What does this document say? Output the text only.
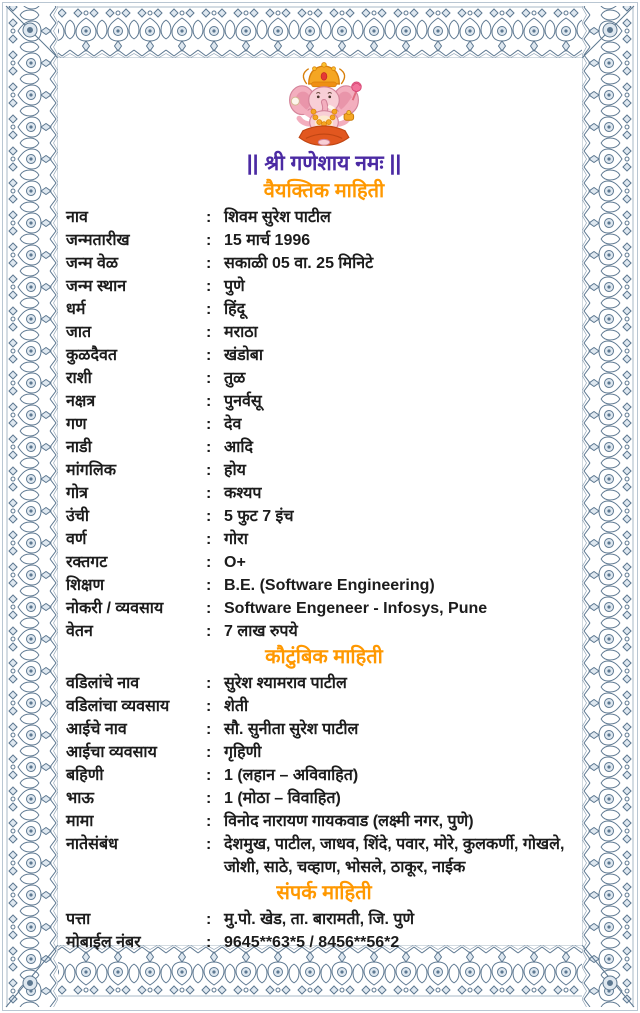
|| श्री गणेशाय नमः ||
वैयक्तिक माहिती
नाव	: शिवम सुरेश पाटील
जन्मतारीख	: 15 मार्च 1996
जन्म वेळ	: सकाळी 05 वा. 25 मिनिटे
जन्म स्थान	: पुणे
धर्म	: हिंदू
जात	: मराठा
कुळदैवत	: खंडोबा
राशी	: तुळ
नक्षत्र	: पुनर्वसू
गण	: देव
नाडी	: आदि
मांगलिक	: होय
गोत्र	: कश्यप
उंची	: 5 फुट 7 इंच
वर्ण	: गोरा
रक्तगट	: O+
शिक्षण	: B.E. (Software Engineering)
नोकरी / व्यवसाय	: Software Engeneer - Infosys, Pune
वेतन	: 7 लाख रुपये
कौटुंबिक माहिती
वडिलांचे नाव	: सुरेश श्यामराव पाटील
वडिलांचा व्यवसाय	: शेती
आईचे नाव	: सौ. सुनीता सुरेश पाटील
आईचा व्यवसाय	: गृहिणी
बहिणी	: 1 (लहान – अविवाहित)
भाऊ	: 1 (मोठा – विवाहित)
मामा	: विनोद नारायण गायकवाड (लक्ष्मी नगर, पुणे)
नातेसंबंध	: देशमुख, पाटील, जाधव, शिंदे, पवार, मोरे, कुलकर्णी, गोखले, जोशी, साठे, चव्हाण, भोसले, ठाकूर, नाईक
संपर्क माहिती
पत्ता	: मु.पो. खेड, ता. बारामती, जि. पुणे
मोबाईल नंबर	: 9645**63*5 / 8456**56*2
